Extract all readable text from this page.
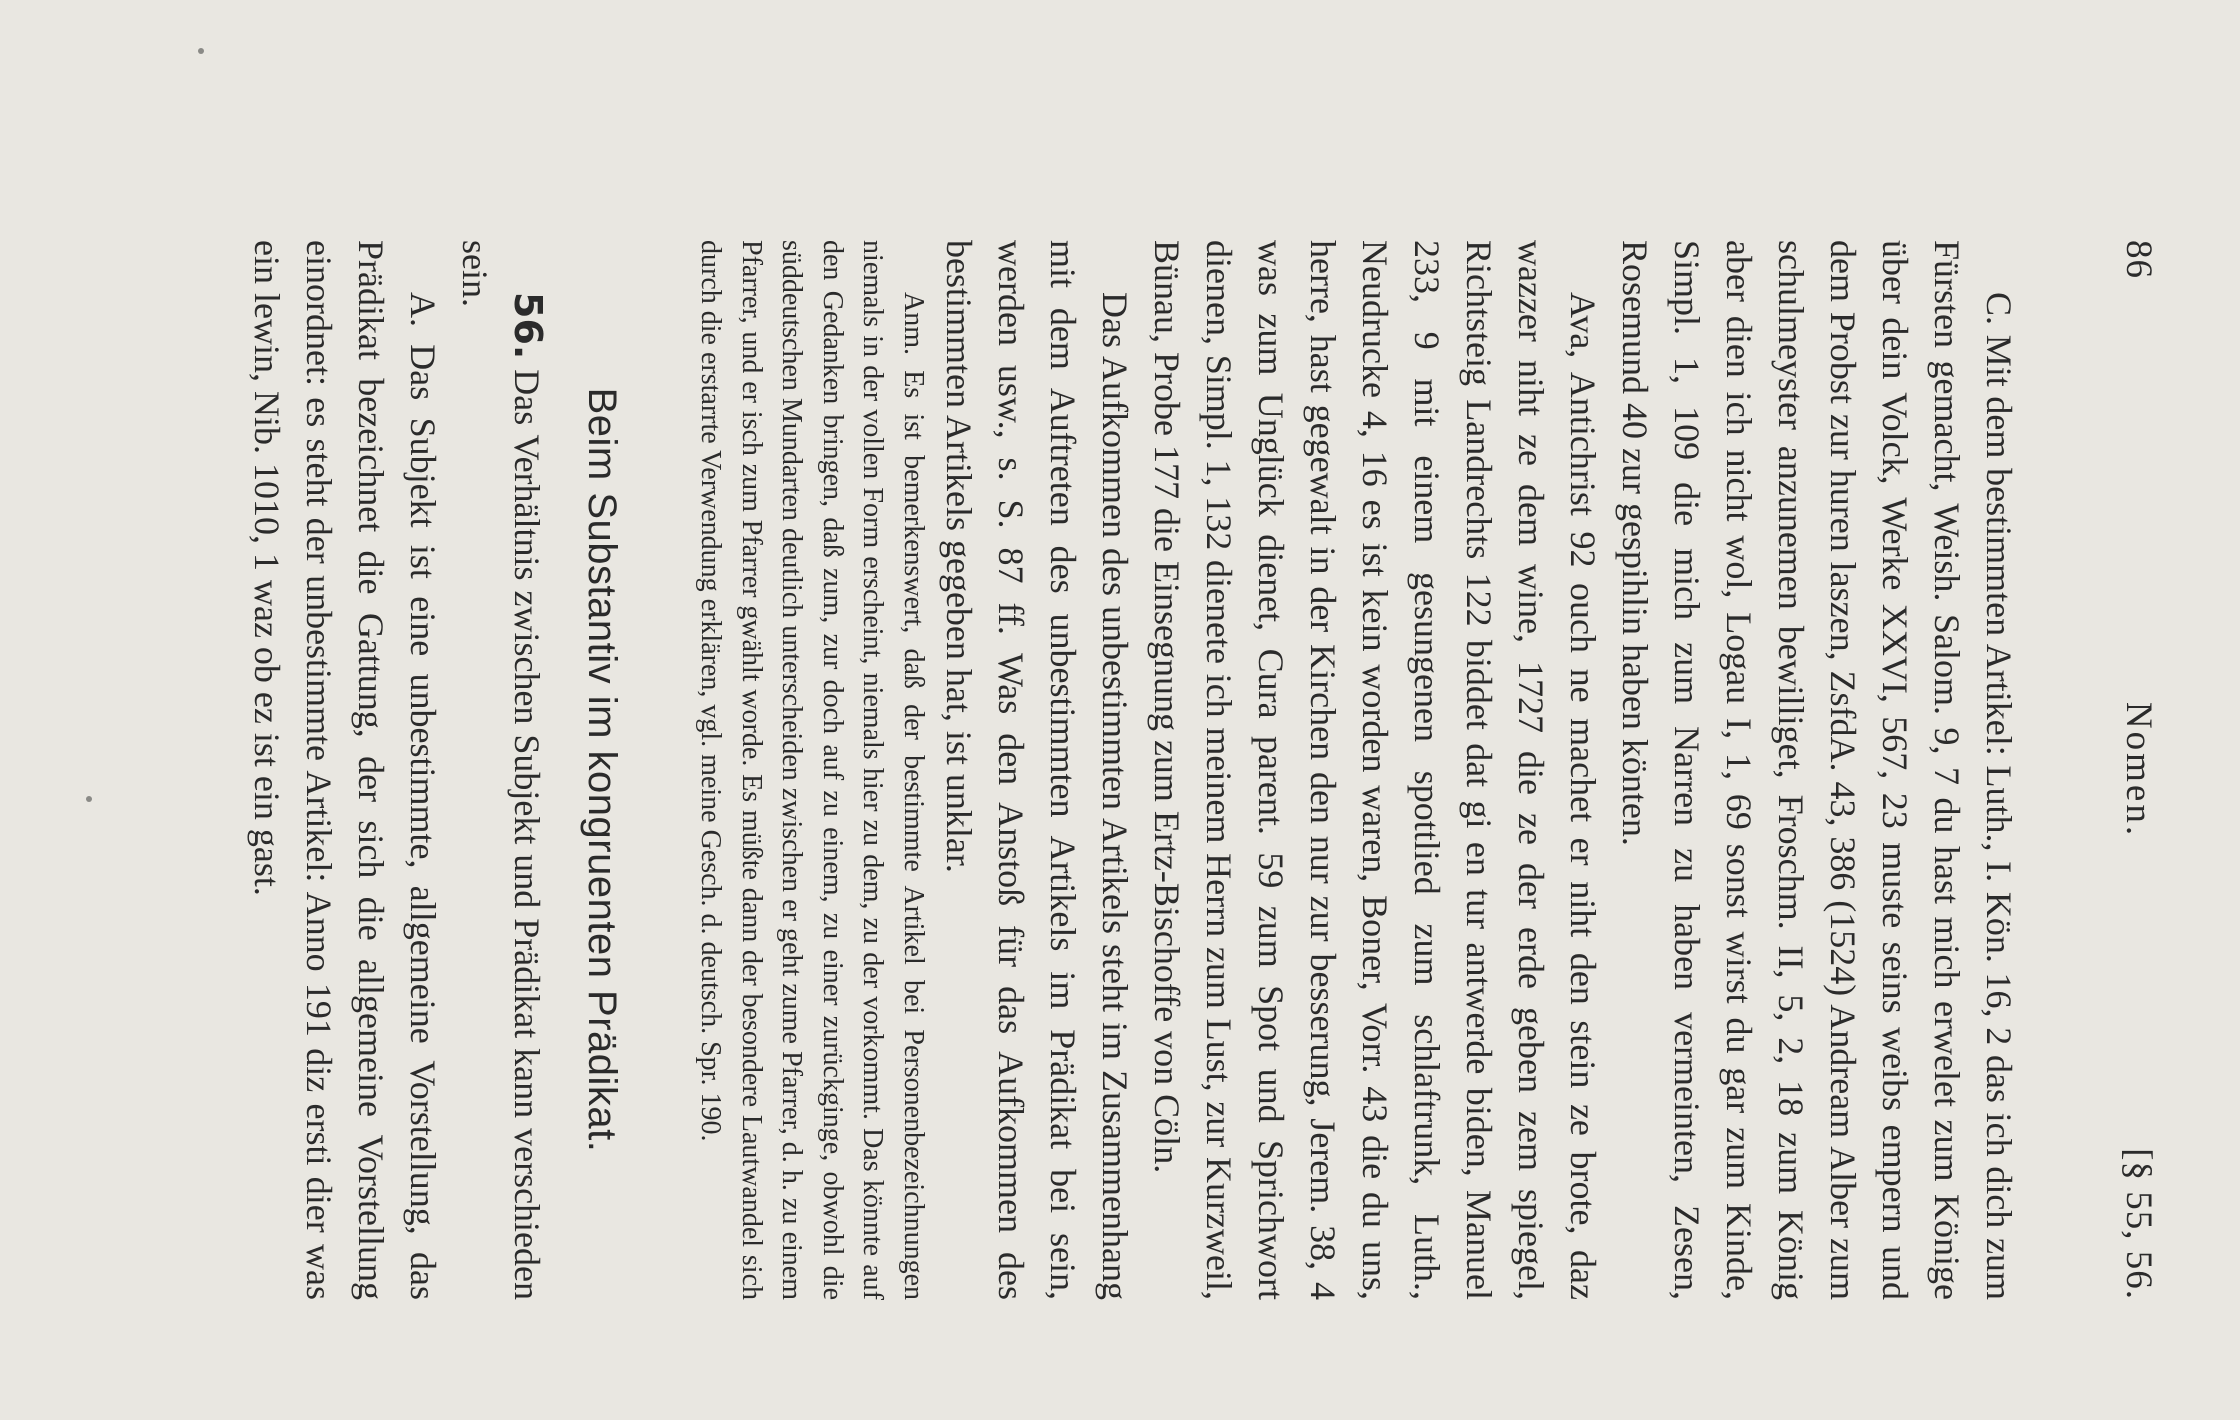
86
Nomen.
[§ 55, 56.

C. Mit dem bestimmten Artikel: Luth., I. Kön. 16, 2 das ich dich zum Fürsten gemacht, Weish. Salom. 9, 7 du hast mich erwelet zum Könige über dein Volck, Werke XXVI, 567, 23 muste seins weibs empern und dem Probst zur huren laszen, ZsfdA. 43, 386 (1524) Andream Alber zum schulmeyster anzunemen bewilliget, Froschm. II, 5, 2, 18 zum König aber dien ich nicht wol, Logau I, 1, 69 sonst wirst du gar zum Kinde, Simpl. 1, 109 die mich zum Narren zu haben vermeinten, Zesen, Rosemund 40 zur gespihlin haben könten.

Ava, Antichrist 92 ouch ne machet er niht den stein ze brote, daz wazzer niht ze dem wine, 1727 die ze der erde geben zem spiegel, Richtsteig Landrechts 122 biddet dat gi en tur antwerde biden, Manuel 233, 9 mit einem gesungenen spottlied zum schlaftrunk, Luth., Neudrucke 4, 16 es ist kein worden waren, Boner, Vorr. 43 die du uns, herre, hast gegewalt in der Kirchen den nur zur besserung, Jerem. 38, 4 was zum Unglück dienet, Cura parent. 59 zum Spot und Sprichwort dienen, Simpl. 1, 132 dienete ich meinem Herrn zum Lust, zur Kurzweil, Bünau, Probe 177 die Einsegnung zum Ertz-Bischoffe von Cöln.

Das Aufkommen des unbestimmten Artikels steht im Zusammenhang mit dem Auftreten des unbestimmten Artikels im Prädikat bei sein, werden usw., s. S. 87 ff. Was den Anstoß für das Aufkommen des bestimmten Artikels gegeben hat, ist unklar.

Anm. Es ist bemerkenswert, daß der bestimmte Artikel bei Personenbezeichnungen niemals in der vollen Form erscheint, niemals hier zu dem, zu der vorkommt. Das könnte auf den Gedanken bringen, daß zum, zur doch auf zu einem, zu einer zurückginge, obwohl die süddeutschen Mundarten deutlich unterscheiden zwischen er geht zume Pfarrer, d. h. zu einem Pfarrer, und er isch zum Pfarrer gwählt worde. Es müßte dann der besondere Lautwandel sich durch die erstarrte Verwendung erklären, vgl. meine Gesch. d. deutsch. Spr. 190.

Beim Substantiv im kongruenten Prädikat.

56. Das Verhältnis zwischen Subjekt und Prädikat kann verschieden sein.

A. Das Subjekt ist eine unbestimmte, allgemeine Vorstellung, das Prädikat bezeichnet die Gattung, der sich die allgemeine Vorstellung einordnet: es steht der unbestimmte Artikel: Anno 191 diz ersti dier was ein lewin, Nib. 1010, 1 waz ob ez ist ein gast.
